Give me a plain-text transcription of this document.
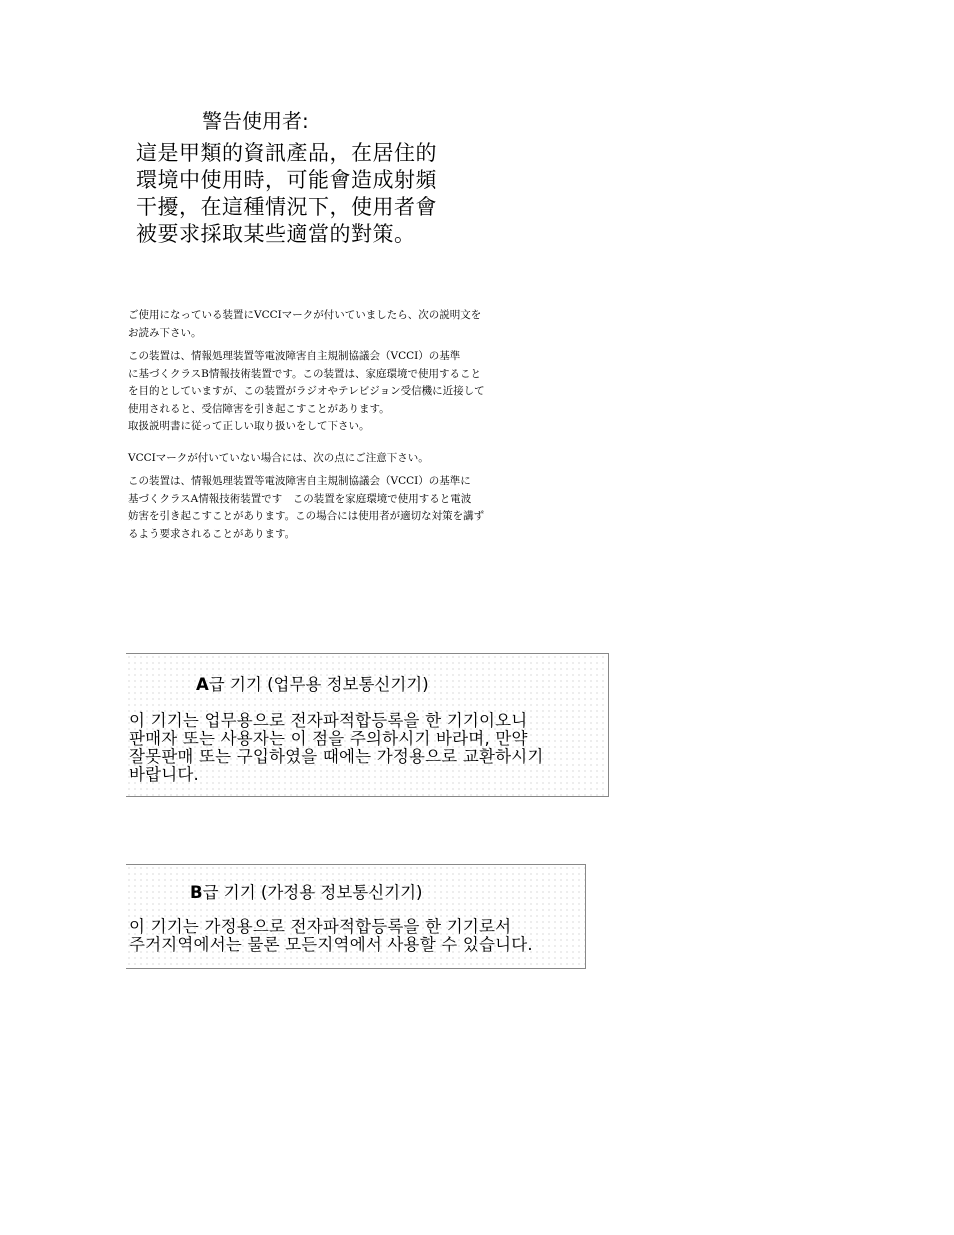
警告使用者:
這是甲類的資訊產品，在居住的
環境中使用時，可能會造成射頻
干擾，在這種情況下，使用者會
被要求採取某些適當的對策。
ご使用になっている装置にVCCIマークが付いていましたら、次の説明文を
お読み下さい。
この装置は、情報処理装置等電波障害自主規制協議会（VCCI）の基準
に基づくクラスB情報技術装置です。この装置は、家庭環境で使用すること
を目的としていますが、この装置がラジオやテレビジョン受信機に近接して
使用されると、受信障害を引き起こすことがあります。
取扱説明書に従って正しい取り扱いをして下さい。
VCCIマークが付いていない場合には、次の点にご注意下さい。
この装置は、情報処理装置等電波障害自主規制協議会（VCCI）の基準に
基づくクラスA情報技術装置です　この装置を家庭環境で使用すると電波
妨害を引き起こすことがあります。この場合には使用者が適切な対策を講ず
るよう要求されることがあります。
A급 기기 (업무용 정보통신기기)
이 기기는 업무용으로 전자파적합등록을 한 기기이오니
판매자 또는 사용자는 이 점을 주의하시기 바라며, 만약
잘못판매 또는 구입하였을 때에는 가정용으로 교환하시기
바랍니다.
B급 기기 (가정용 정보통신기기)
이 기기는 가정용으로 전자파적합등록을 한 기기로서
주거지역에서는 물론 모든지역에서 사용할 수 있습니다.
